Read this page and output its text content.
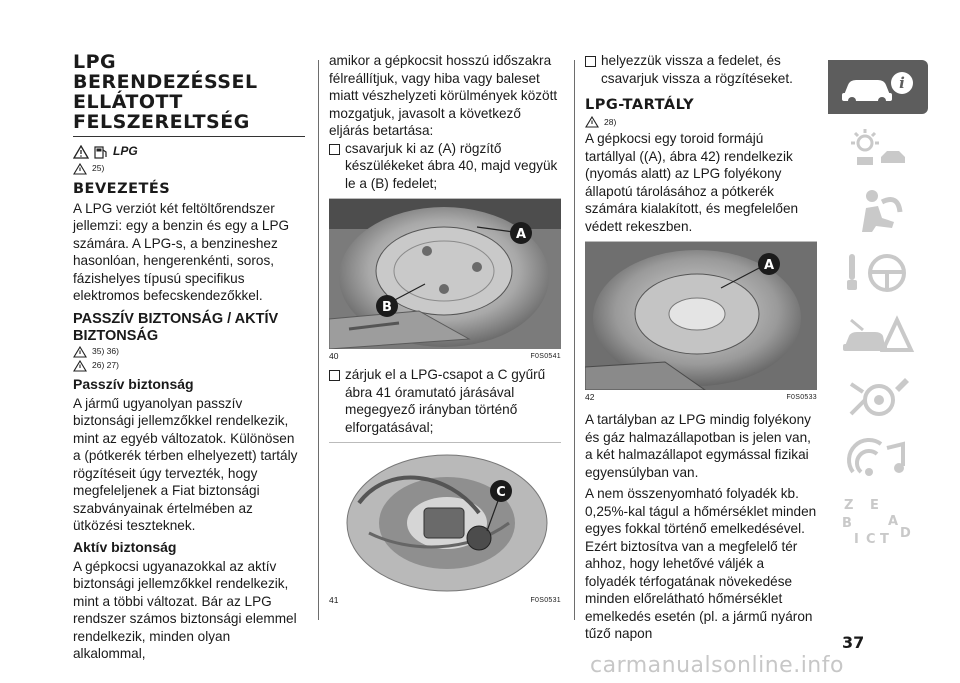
LPG
BERENDEZÉSSEL
ELLÁTOTT
FELSZERELTSÉG
LPG
25)
BEVEZETÉS

A LPG verziót két feltöltőrendszer jellemzi: egy a benzin és egy a LPG számára. A LPG-s, a benzineshez hasonlóan, hengerenkénti, soros, fázishelyes típusú specifikus elektromos befecskendezőkkel.

PASSZÍV BIZTONSÁG / AKTÍV
BIZTONSÁG
35) 36)
26) 27)
Passzív biztonság

A jármű ugyanolyan passzív biztonsági jellemzőkkel rendelkezik, mint az egyéb változatok. Különösen a (pótkerék térben elhelyezett) tartály rögzítéseit úgy tervezték, hogy megfeleljenek a Fiat biztonsági szabványainak értelmében az ütközési teszteknek.

Aktív biztonság

A gépkocsi ugyanazokkal az aktív biztonsági jellemzőkkel rendelkezik, mint a többi változat. Bár az LPG rendszer számos biztonsági elemmel rendelkezik, minden olyan alkalommal,

amikor a gépkocsit hosszú időszakra félreállítjuk, vagy hiba vagy baleset miatt vészhelyzeti körülmények között mozgatjuk, javasolt a következő eljárás betartása:

csavarjuk ki az (A) rögzítő készülékeket ábra 40, majd vegyük le a (B) fedelet;
A
B
40	F0S0541
zárjuk el a LPG-csapot a C gyűrű ábra 41 óramutató járásával megegyező irányban történő elforgatásával;
C
41	F0S0531
helyezzük vissza a fedelet, és csavarjuk vissza a rögzítéseket.
LPG-TARTÁLY
28)

A gépkocsi egy toroid formájú tartállyal ((A), ábra 42) rendelkezik (nyomás alatt) az LPG folyékony állapotú tárolásához a pótkerék számára kialakított, és megfelelően védett rekeszben.

A
42	F0S0533

A tartályban az LPG mindig folyékony és gáz halmazállapotban is jelen van, a két halmazállapot egymással fizikai egyensúlyban van.

A nem összenyomható folyadék kb. 0,25%-kal tágul a hőmérséklet minden egyes fokkal történő emelkedésével. Ezért biztosítva van a megfelelő tér ahhoz, hogy lehetővé váljék a folyadék térfogatának növekedése minden előrelátható hőmérséklet emelkedés esetén (pl. a jármű nyáron tűző napon

i
Z E
B	A
I C T D
37
carmanualsonline.info
